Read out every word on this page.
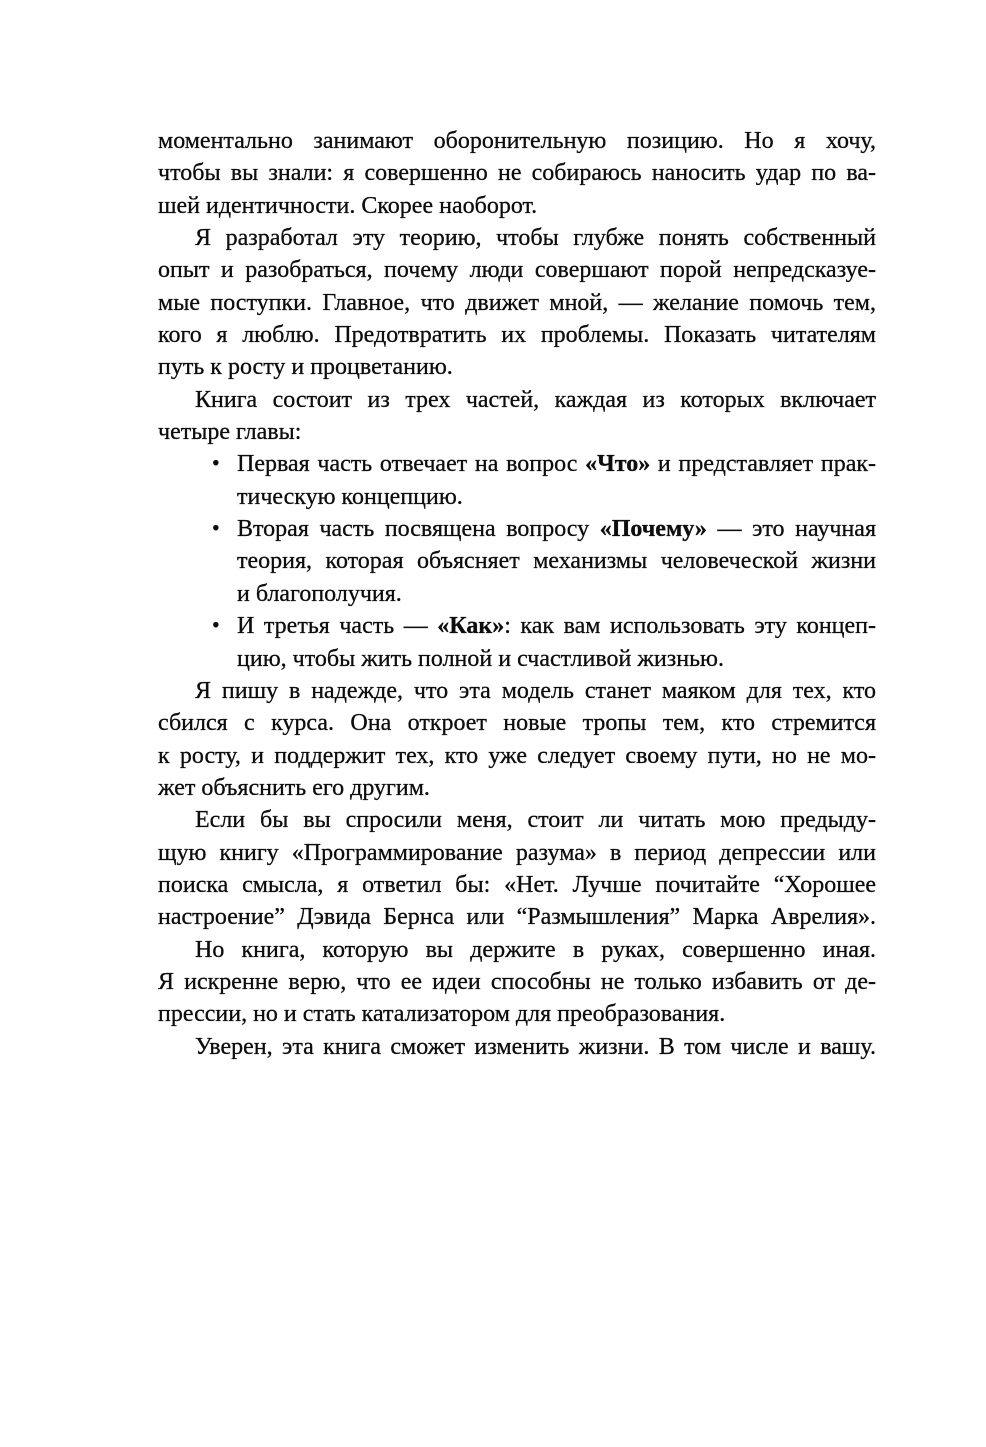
моментально занимают оборонительную позицию. Но я хочу,
чтобы вы знали: я совершенно не собираюсь наносить удар по ва-
шей идентичности. Скорее наоборот.
Я разработал эту теорию, чтобы глубже понять собственный
опыт и разобраться, почему люди совершают порой непредсказуе-
мые поступки. Главное, что движет мной, — желание помочь тем,
кого я люблю. Предотвратить их проблемы. Показать читателям
путь к росту и процветанию.
Книга состоит из трех частей, каждая из которых включает
четыре главы:
• Первая часть отвечает на вопрос «Что» и представляет прак-
тическую концепцию.
• Вторая часть посвящена вопросу «Почему» — это научная
теория, которая объясняет механизмы человеческой жизни
и благополучия.
• И третья часть — «Как»: как вам использовать эту концеп-
цию, чтобы жить полной и счастливой жизнью.
Я пишу в надежде, что эта модель станет маяком для тех, кто
сбился с курса. Она откроет новые тропы тем, кто стремится
к росту, и поддержит тех, кто уже следует своему пути, но не мо-
жет объяснить его другим.
Если бы вы спросили меня, стоит ли читать мою предыду-
щую книгу «Программирование разума» в период депрессии или
поиска смысла, я ответил бы: «Нет. Лучше почитайте “Хорошее
настроение” Дэвида Бернса или “Размышления” Марка Аврелия».
Но книга, которую вы держите в руках, совершенно иная.
Я искренне верю, что ее идеи способны не только избавить от де-
прессии, но и стать катализатором для преобразования.
Уверен, эта книга сможет изменить жизни. В том числе и вашу.
